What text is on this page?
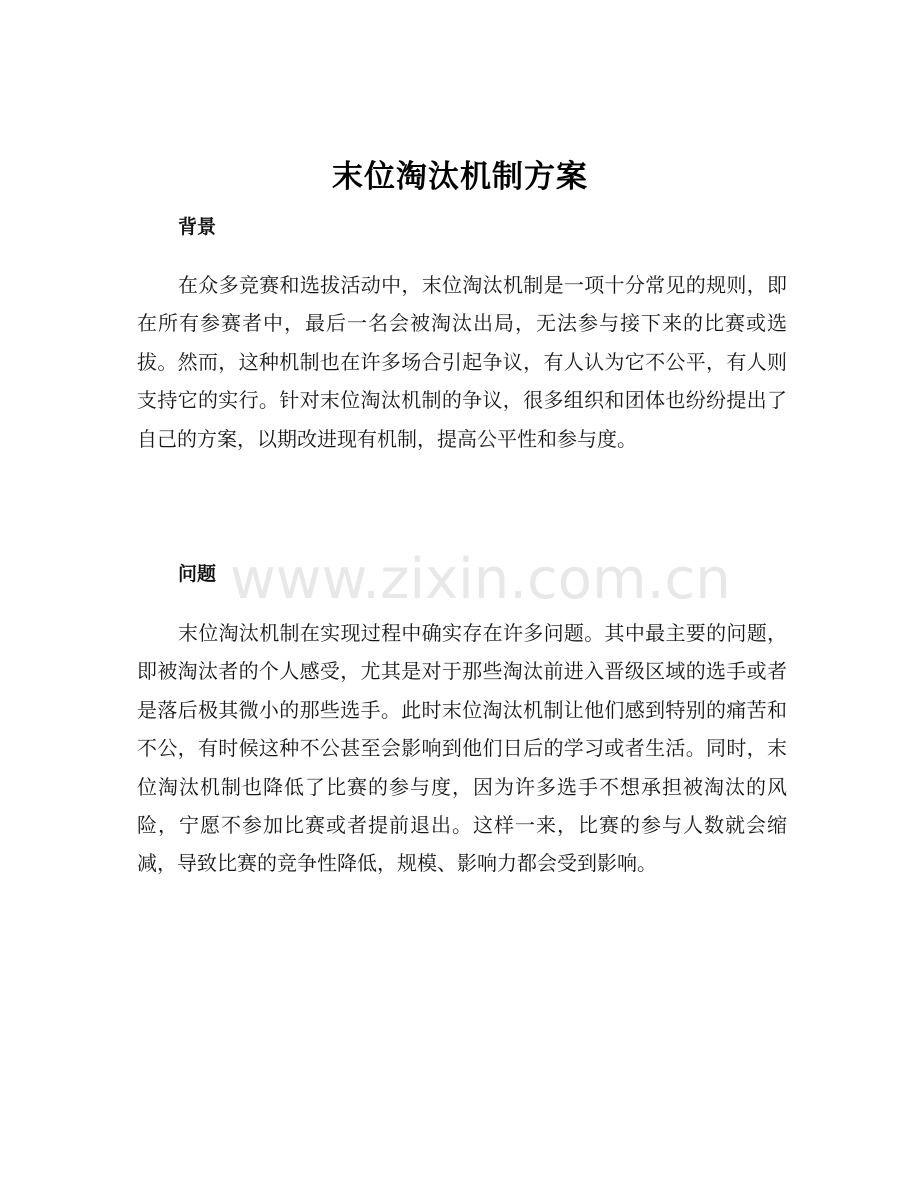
末位淘汰机制方案
背景

在众多竞赛和选拔活动中，末位淘汰机制是一项十分常见的规则，即在所有参赛者中，最后一名会被淘汰出局，无法参与接下来的比赛或选拔。然而，这种机制也在许多场合引起争议，有人认为它不公平，有人则支持它的实行。针对末位淘汰机制的争议，很多组织和团体也纷纷提出了自己的方案，以期改进现有机制，提高公平性和参与度。

问题

末位淘汰机制在实现过程中确实存在许多问题。其中最主要的问题，即被淘汰者的个人感受，尤其是对于那些淘汰前进入晋级区域的选手或者是落后极其微小的那些选手。此时末位淘汰机制让他们感到特别的痛苦和不公，有时候这种不公甚至会影响到他们日后的学习或者生活。同时，末位淘汰机制也降低了比赛的参与度，因为许多选手不想承担被淘汰的风险，宁愿不参加比赛或者提前退出。这样一来，比赛的参与人数就会缩减，导致比赛的竞争性降低，规模、影响力都会受到影响。

www.zixin.com.cn
